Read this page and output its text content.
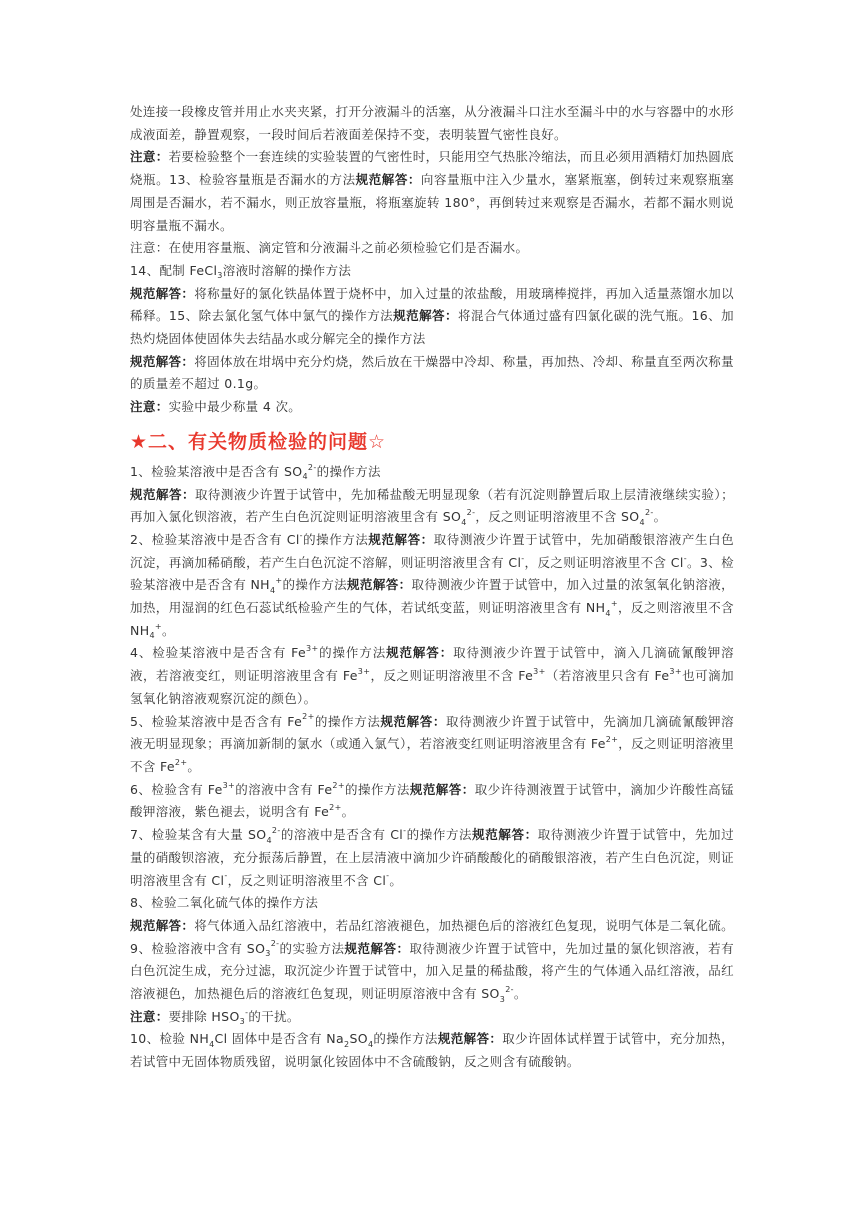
处连接一段橡皮管并用止水夹夹紧，打开分液漏斗的活塞，从分液漏斗口注水至漏斗中的水与容器中的水形成液面差，静置观察，一段时间后若液面差保持不变，表明装置气密性良好。

注意：若要检验整个一套连续的实验装置的气密性时，只能用空气热胀冷缩法，而且必须用酒精灯加热圆底烧瓶。13、检验容量瓶是否漏水的方法规范解答：向容量瓶中注入少量水，塞紧瓶塞，倒转过来观察瓶塞周围是否漏水，若不漏水，则正放容量瓶，将瓶塞旋转 180°，再倒转过来观察是否漏水，若都不漏水则说明容量瓶不漏水。

注意：在使用容量瓶、滴定管和分液漏斗之前必须检验它们是否漏水。

14、配制 FeCl$_3$溶液时溶解的操作方法

规范解答：将称量好的氯化铁晶体置于烧杯中，加入过量的浓盐酸，用玻璃棒搅拌，再加入适量蒸馏水加以稀释。15、除去氯化氢气体中氯气的操作方法规范解答：将混合气体通过盛有四氯化碳的洗气瓶。16、加热灼烧固体使固体失去结晶水或分解完全的操作方法

规范解答：将固体放在坩埚中充分灼烧，然后放在干燥器中冷却、称量，再加热、冷却、称量直至两次称量的质量差不超过 0.1g。

注意：实验中最少称量 4 次。

★二、有关物质检验的问题☆

1、检验某溶液中是否含有 $SO_4^{2-}$的操作方法

规范解答：取待测液少许置于试管中，先加稀盐酸无明显现象（若有沉淀则静置后取上层清液继续实验）；再加入氯化钡溶液，若产生白色沉淀则证明溶液里含有 $SO_4^{2-}$，反之则证明溶液里不含 $SO_4^{2-}$。

2、检验某溶液中是否含有 Cl-的操作方法规范解答：取待测液少许置于试管中，先加硝酸银溶液产生白色沉淀，再滴加稀硝酸，若产生白色沉淀不溶解，则证明溶液里含有 Cl-，反之则证明溶液里不含 Cl-。3、检验某溶液中是否含有 $NH_4^+$的操作方法规范解答：取待测液少许置于试管中，加入过量的浓氢氧化钠溶液，加热，用湿润的红色石蕊试纸检验产生的气体，若试纸变蓝，则证明溶液里含有 $NH_4^+$，反之则溶液里不含 $NH_4^+$。

4、检验某溶液中是否含有 $Fe^{3+}$的操作方法规范解答：取待测液少许置于试管中，滴入几滴硫氰酸钾溶液，若溶液变红，则证明溶液里含有 $Fe^{3+}$，反之则证明溶液里不含 $Fe^{3+}$（若溶液里只含有 $Fe^{3+}$也可滴加氢氧化钠溶液观察沉淀的颜色）。

5、检验某溶液中是否含有 $Fe^{2+}$的操作方法规范解答：取待测液少许置于试管中，先滴加几滴硫氰酸钾溶液无明显现象；再滴加新制的氯水（或通入氯气），若溶液变红则证明溶液里含有 $Fe^{2+}$，反之则证明溶液里不含 $Fe^{2+}$。

6、检验含有 $Fe^{3+}$的溶液中含有 $Fe^{2+}$的操作方法规范解答：取少许待测液置于试管中，滴加少许酸性高锰酸钾溶液，紫色褪去，说明含有 $Fe^{2+}$。

7、检验某含有大量 $SO_4^{2-}$的溶液中是否含有 Cl-的操作方法规范解答：取待测液少许置于试管中，先加过量的硝酸钡溶液，充分振荡后静置，在上层清液中滴加少许硝酸酸化的硝酸银溶液，若产生白色沉淀，则证明溶液里含有 Cl-，反之则证明溶液里不含 Cl-。

8、检验二氧化硫气体的操作方法

规范解答：将气体通入品红溶液中，若品红溶液褪色，加热褪色后的溶液红色复现，说明气体是二氧化硫。9、检验溶液中含有 $SO_3^{2-}$的实验方法规范解答：取待测液少许置于试管中，先加过量的氯化钡溶液，若有白色沉淀生成，充分过滤，取沉淀少许置于试管中，加入足量的稀盐酸，将产生的气体通入品红溶液，品红溶液褪色，加热褪色后的溶液红色复现，则证明原溶液中含有 $SO_3^{2-}$。

注意：要排除 $HSO_3^-$的干扰。

10、检验 $NH_4Cl$ 固体中是否含有 $Na_2SO_4$的操作方法规范解答：取少许固体试样置于试管中，充分加热，若试管中无固体物质残留，说明氯化铵固体中不含硫酸钠，反之则含有硫酸钠。
